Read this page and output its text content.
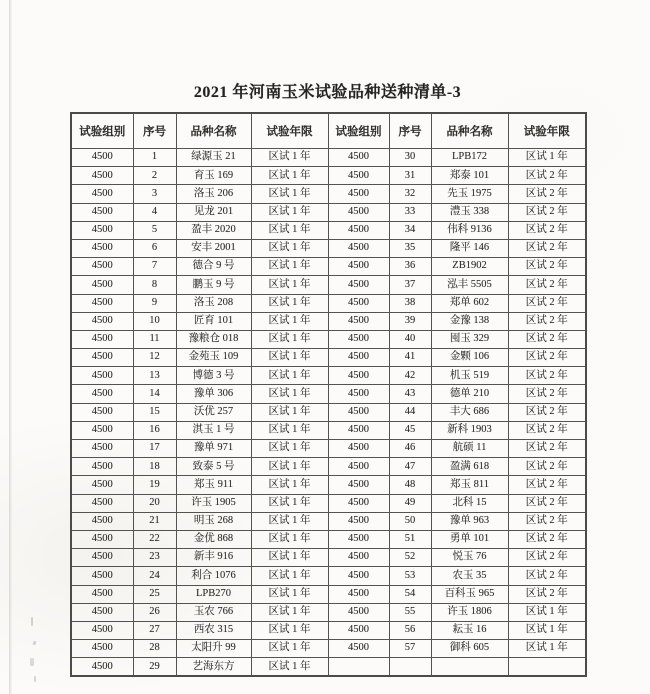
2021 年河南玉米试验品种送种清单-3
试验组别	序号	品种名称	试验年限	试验组别	序号	品种名称	试验年限
4500	1	绿源玉 21	区试 1 年	4500	30	LPB172	区试 1 年
4500	2	育玉 169	区试 1 年	4500	31	郑泰 101	区试 2 年
4500	3	洛玉 206	区试 1 年	4500	32	先玉 1975	区试 2 年
4500	4	见龙 201	区试 1 年	4500	33	澧玉 338	区试 2 年
4500	5	盈丰 2020	区试 1 年	4500	34	伟科 9136	区试 2 年
4500	6	安丰 2001	区试 1 年	4500	35	隆平 146	区试 2 年
4500	7	德合 9 号	区试 1 年	4500	36	ZB1902	区试 2 年
4500	8	鹏玉 9 号	区试 1 年	4500	37	泓丰 5505	区试 2 年
4500	9	洛玉 208	区试 1 年	4500	38	郑单 602	区试 2 年
4500	10	匠育 101	区试 1 年	4500	39	金豫 138	区试 2 年
4500	11	豫粮仓 018	区试 1 年	4500	40	囤玉 329	区试 2 年
4500	12	金苑玉 109	区试 1 年	4500	41	金颗 106	区试 2 年
4500	13	博德 3 号	区试 1 年	4500	42	机玉 519	区试 2 年
4500	14	豫单 306	区试 1 年	4500	43	德单 210	区试 2 年
4500	15	沃优 257	区试 1 年	4500	44	丰大 686	区试 2 年
4500	16	淇玉 1 号	区试 1 年	4500	45	新科 1903	区试 2 年
4500	17	豫单 971	区试 1 年	4500	46	航硕 11	区试 2 年
4500	18	致泰 5 号	区试 1 年	4500	47	盈满 618	区试 2 年
4500	19	郑玉 911	区试 1 年	4500	48	郑玉 811	区试 2 年
4500	20	许玉 1905	区试 1 年	4500	49	北科 15	区试 2 年
4500	21	明玉 268	区试 1 年	4500	50	豫单 963	区试 2 年
4500	22	金优 868	区试 1 年	4500	51	勇单 101	区试 2 年
4500	23	新丰 916	区试 1 年	4500	52	悦玉 76	区试 2 年
4500	24	利合 1076	区试 1 年	4500	53	农玉 35	区试 2 年
4500	25	LPB270	区试 1 年	4500	54	百科玉 965	区试 2 年
4500	26	玉农 766	区试 1 年	4500	55	许玉 1806	区试 1 年
4500	27	西农 315	区试 1 年	4500	56	耘玉 16	区试 1 年
4500	28	太阳升 99	区试 1 年	4500	57	御科 605	区试 1 年
4500	29	艺海东方	区试 1 年				
